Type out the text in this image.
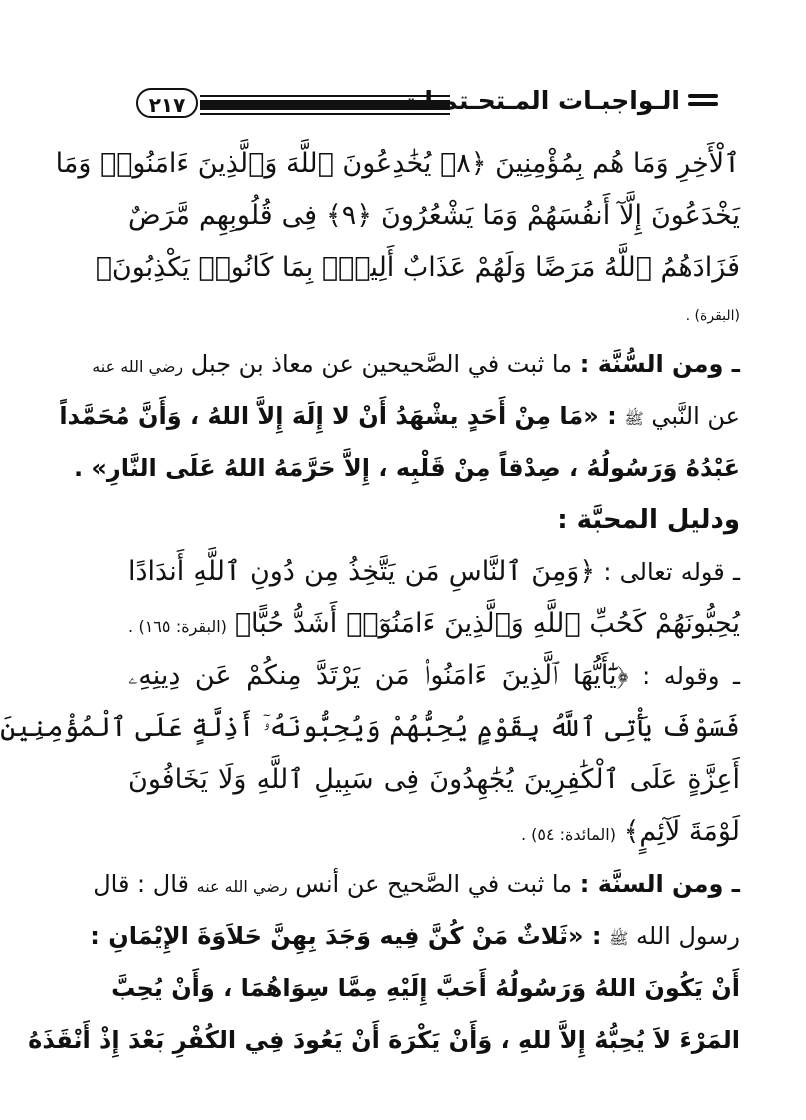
٢١٧	الـواجبـات المـتحـتمـات
ٱلْأَخِرِ وَمَا هُم بِمُؤْمِنِينَ ﴿٨﴾ يُخَٰدِعُونَ ٱللَّهَ وَٱلَّذِينَ ءَامَنُوا۟ وَمَا
يَخْدَعُونَ إِلَّآ أَنفُسَهُمْ وَمَا يَشْعُرُونَ ﴿٩﴾ فِى قُلُوبِهِم مَّرَضٌ
فَزَادَهُمُ ٱللَّهُ مَرَضًا وَلَهُمْ عَذَابٌ أَلِيمٌۢ بِمَا كَانُوا۟ يَكْذِبُونَ﴾
(البقرة) .
ـ ومن السُّنَّة : ما ثبت في الصَّحيحين عن معاذ بن جبل رضي الله عنه
عن النَّبي ﷺ : «مَا مِنْ أَحَدٍ يشْهَدُ أَنْ لا إِلَهَ إِلاَّ اللهُ ، وَأَنَّ مُحَمَّداً
عَبْدُهُ وَرَسُولُهُ ، صِدْقاً مِنْ قَلْبِه ، إِلاَّ حَرَّمَهُ اللهُ عَلَى النَّارِ» .
ودليل المحبَّة :
ـ قوله تعالى : ﴿وَمِنَ ٱلنَّاسِ مَن يَتَّخِذُ مِن دُونِ ٱللَّهِ أَندَادًا
يُحِبُّونَهُمْ كَحُبِّ ٱللَّهِ وَٱلَّذِينَ ءَامَنُوٓا۟ أَشَدُّ حُبًّا﴾ (البقرة: ١٦٥) .
ـ وقوله : ﴿يَٰٓأَيُّهَا ٱلَّذِينَ ءَامَنُوا۟ مَن يَرْتَدَّ مِنكُمْ عَن دِينِهِۦ
فَسَوْفَ يَأْتِى ٱللَّهُ بِقَوْمٍ يُحِبُّهُمْ وَيُحِبُّونَهُۥٓ أَذِلَّةٍ عَلَى ٱلْمُؤْمِنِينَ
أَعِزَّةٍ عَلَى ٱلْكَٰفِرِينَ يُجَٰهِدُونَ فِى سَبِيلِ ٱللَّهِ وَلَا يَخَافُونَ
لَوْمَةَ لَآئِمٍ﴾ (المائدة: ٥٤) .
ـ ومن السنَّة : ما ثبت في الصَّحيح عن أنس رضي الله عنه قال : قال
رسول الله ﷺ : «ثَلاثٌ مَنْ كُنَّ فِيه وَجَدَ بِهِنَّ حَلاَوَةَ الإِيْمَانِ :
أَنْ يَكُونَ اللهُ وَرَسُولُهُ أَحَبَّ إِلَيْهِ مِمَّا سِوَاهُمَا ، وَأَنْ يُحِبَّ
المَرْءَ لاَ يُحِبُّهُ إِلاَّ للهِ ، وَأَنْ يَكْرَهَ أَنْ يَعُودَ فِي الكُفْرِ بَعْدَ إِذْ أَنْقَذَهُ
